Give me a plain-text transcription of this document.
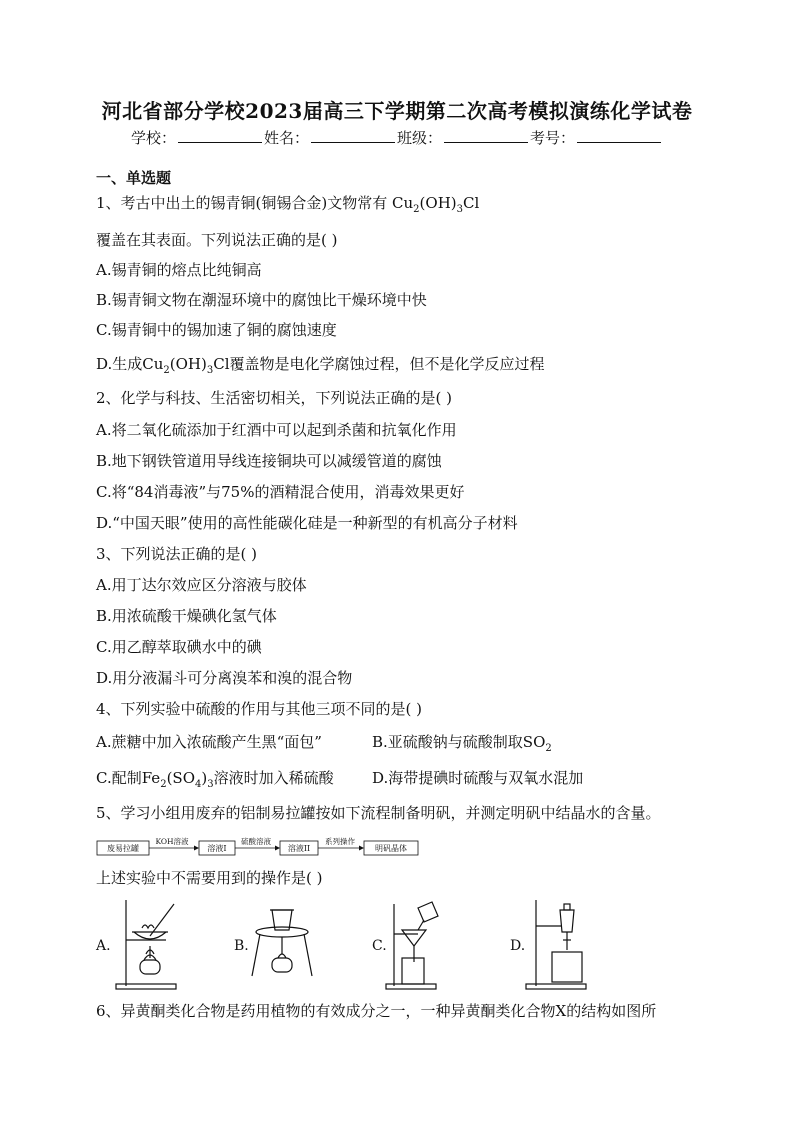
河北省部分学校2023届高三下学期第二次高考模拟演练化学试卷
学校：	姓名：	班级：	考号：
一、单选题
1、考古中出土的锡青铜(铜锡合金)文物常有 $Cu_2(OH)_3Cl$
覆盖在其表面。下列说法正确的是( )
A.锡青铜的熔点比纯铜高
B.锡青铜文物在潮湿环境中的腐蚀比干燥环境中快
C.锡青铜中的锡加速了铜的腐蚀速度
D.生成$Cu_2(OH)_3Cl$覆盖物是电化学腐蚀过程，但不是化学反应过程
2、化学与科技、生活密切相关，下列说法正确的是( )
A.将二氧化硫添加于红酒中可以起到杀菌和抗氧化作用
B.地下钢铁管道用导线连接铜块可以减缓管道的腐蚀
C.将“84消毒液”与75%的酒精混合使用，消毒效果更好
D.“中国天眼”使用的高性能碳化硅是一种新型的有机高分子材料
3、下列说法正确的是( )
A.用丁达尔效应区分溶液与胶体
B.用浓硫酸干燥碘化氢气体
C.用乙醇萃取碘水中的碘
D.用分液漏斗可分离溴苯和溴的混合物
4、下列实验中硫酸的作用与其他三项不同的是( )
A.蔗糖中加入浓硫酸产生黑“面包”	B.亚硫酸钠与硫酸制取$SO_2$
C.配制$Fe_2(SO_4)_3$溶液时加入稀硫酸	D.海带提碘时硫酸与双氧水混加
5、学习小组用废弃的铝制易拉罐按如下流程制备明矾，并测定明矾中结晶水的含量。
废易拉罐
KOH溶液
溶液I
硫酸溶液
溶液II
系列操作
明矾晶体
上述实验中不需要用到的操作是( )
A.	B.	C.	D.
6、异黄酮类化合物是药用植物的有效成分之一，一种异黄酮类化合物X的结构如图所
